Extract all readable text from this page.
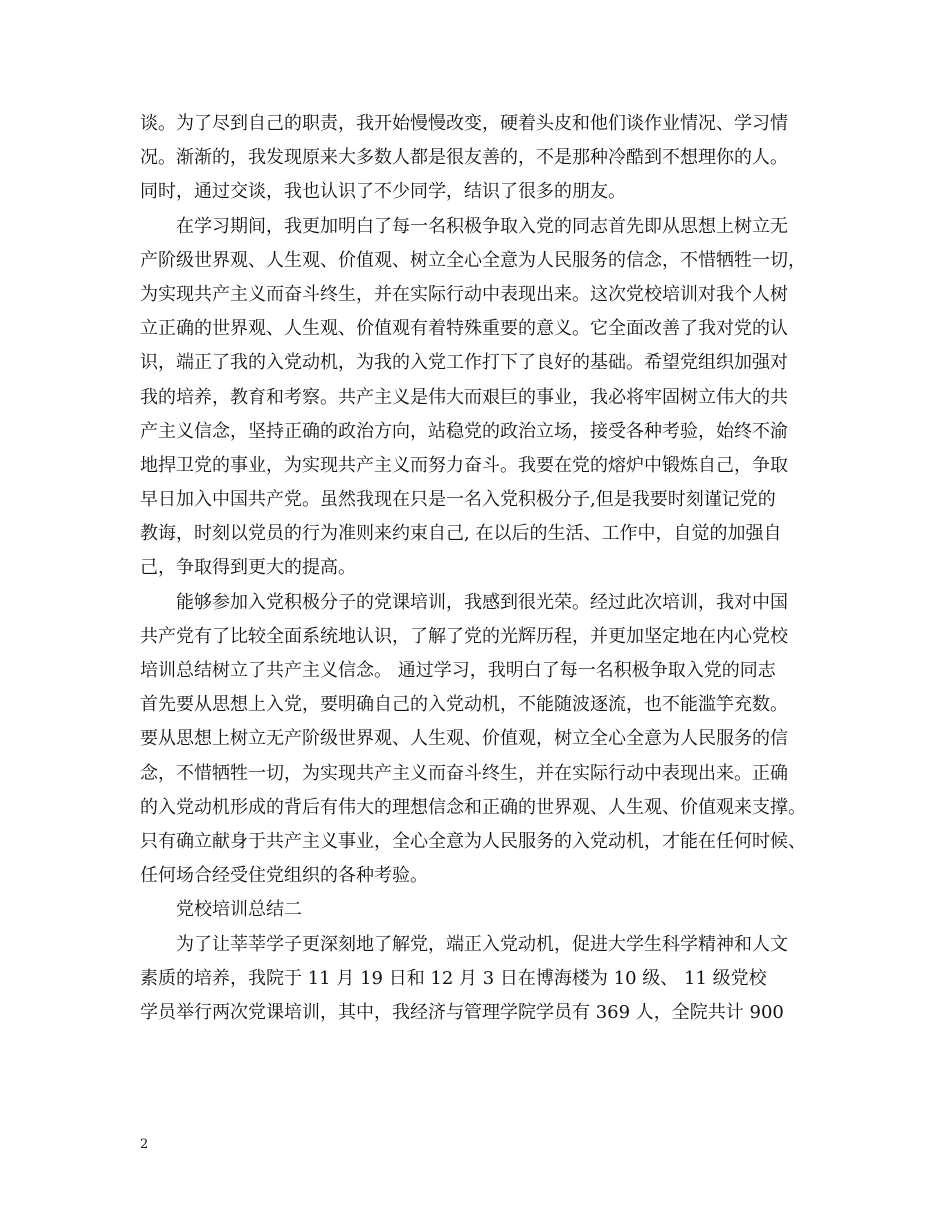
谈。为了尽到自己的职责，我开始慢慢改变，硬着头皮和他们谈作业情况、学习情
况。渐渐的，我发现原来大多数人都是很友善的，不是那种冷酷到不想理你的人。
同时，通过交谈，我也认识了不少同学，结识了很多的朋友。
在学习期间，我更加明白了每一名积极争取入党的同志首先即从思想上树立无
产阶级世界观、人生观、价值观、树立全心全意为人民服务的信念，不惜牺牲一切，
为实现共产主义而奋斗终生，并在实际行动中表现出来。这次党校培训对我个人树
立正确的世界观、人生观、价值观有着特殊重要的意义。它全面改善了我对党的认
识，端正了我的入党动机，为我的入党工作打下了良好的基础。希望党组织加强对
我的培养，教育和考察。共产主义是伟大而艰巨的事业，我必将牢固树立伟大的共
产主义信念，坚持正确的政治方向，站稳党的政治立场，接受各种考验，始终不渝
地捍卫党的事业，为实现共产主义而努力奋斗。我要在党的熔炉中锻炼自己，争取
早日加入中国共产党。虽然我现在只是一名入党积极分子,但是我要时刻谨记党的
教诲，时刻以党员的行为准则来约束自己, 在以后的生活、工作中，自觉的加强自
己，争取得到更大的提高。
能够参加入党积极分子的党课培训，我感到很光荣。经过此次培训，我对中国
共产党有了比较全面系统地认识，了解了党的光辉历程，并更加坚定地在内心党校
培训总结树立了共产主义信念。 通过学习，我明白了每一名积极争取入党的同志
首先要从思想上入党，要明确自己的入党动机，不能随波逐流，也不能滥竽充数。
要从思想上树立无产阶级世界观、人生观、价值观，树立全心全意为人民服务的信
念，不惜牺牲一切，为实现共产主义而奋斗终生，并在实际行动中表现出来。正确
的入党动机形成的背后有伟大的理想信念和正确的世界观、人生观、价值观来支撑。
只有确立献身于共产主义事业，全心全意为人民服务的入党动机，才能在任何时候、
任何场合经受住党组织的各种考验。
党校培训总结二
为了让莘莘学子更深刻地了解党，端正入党动机，促进大学生科学精神和人文
素质的培养，我院于 11 月 19 日和 12 月 3 日在博海楼为 10 级、 11 级党校
学员举行两次党课培训，其中，我经济与管理学院学员有 369 人，全院共计 900
2
